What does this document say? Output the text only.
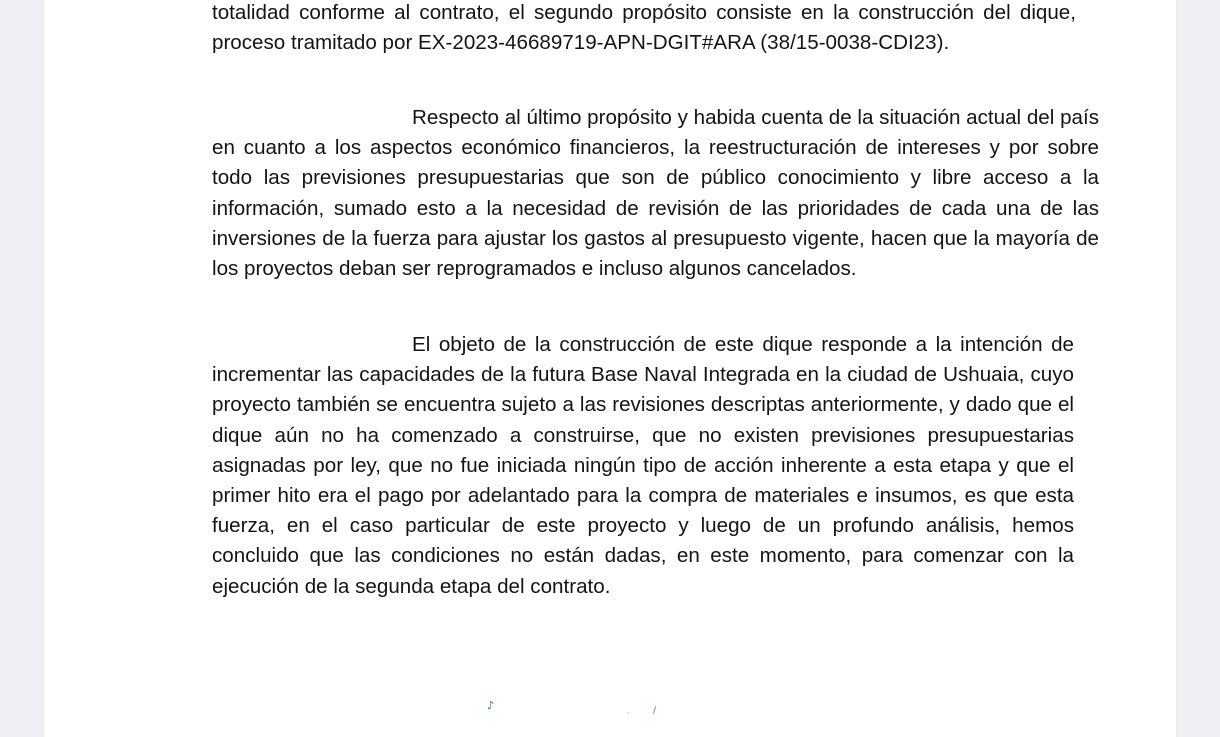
totalidad conforme al contrato, el segundo propósito consiste en la construcción del dique, proceso tramitado por EX-2023-46689719-APN-DGIT#ARA (38/15-0038-CDI23).

Respecto al último propósito y habida cuenta de la situación actual del país en cuanto a los aspectos económico financieros, la reestructuración de intereses y por sobre todo las previsiones presupuestarias que son de público conocimiento y libre acceso a la información, sumado esto a la necesidad de revisión de las prioridades de cada una de las inversiones de la fuerza para ajustar los gastos al presupuesto vigente, hacen que la mayoría de los proyectos deban ser reprogramados e incluso algunos cancelados.

El objeto de la construcción de este dique responde a la intención de incrementar las capacidades de la futura Base Naval Integrada en la ciudad de Ushuaia, cuyo proyecto también se encuentra sujeto a las revisiones descriptas anteriormente, y dado que el dique aún no ha comenzado a construirse, que no existen previsiones presupuestarias asignadas por ley, que no fue iniciada ningún tipo de acción inherente a esta etapa y que el primer hito era el pago por adelantado para la compra de materiales e insumos, es que esta fuerza, en el caso particular de este proyecto y luego de un profundo análisis, hemos concluido que las condiciones no están dadas, en este momento, para comenzar con la ejecución de la segunda etapa del contrato.

♪
·	/
